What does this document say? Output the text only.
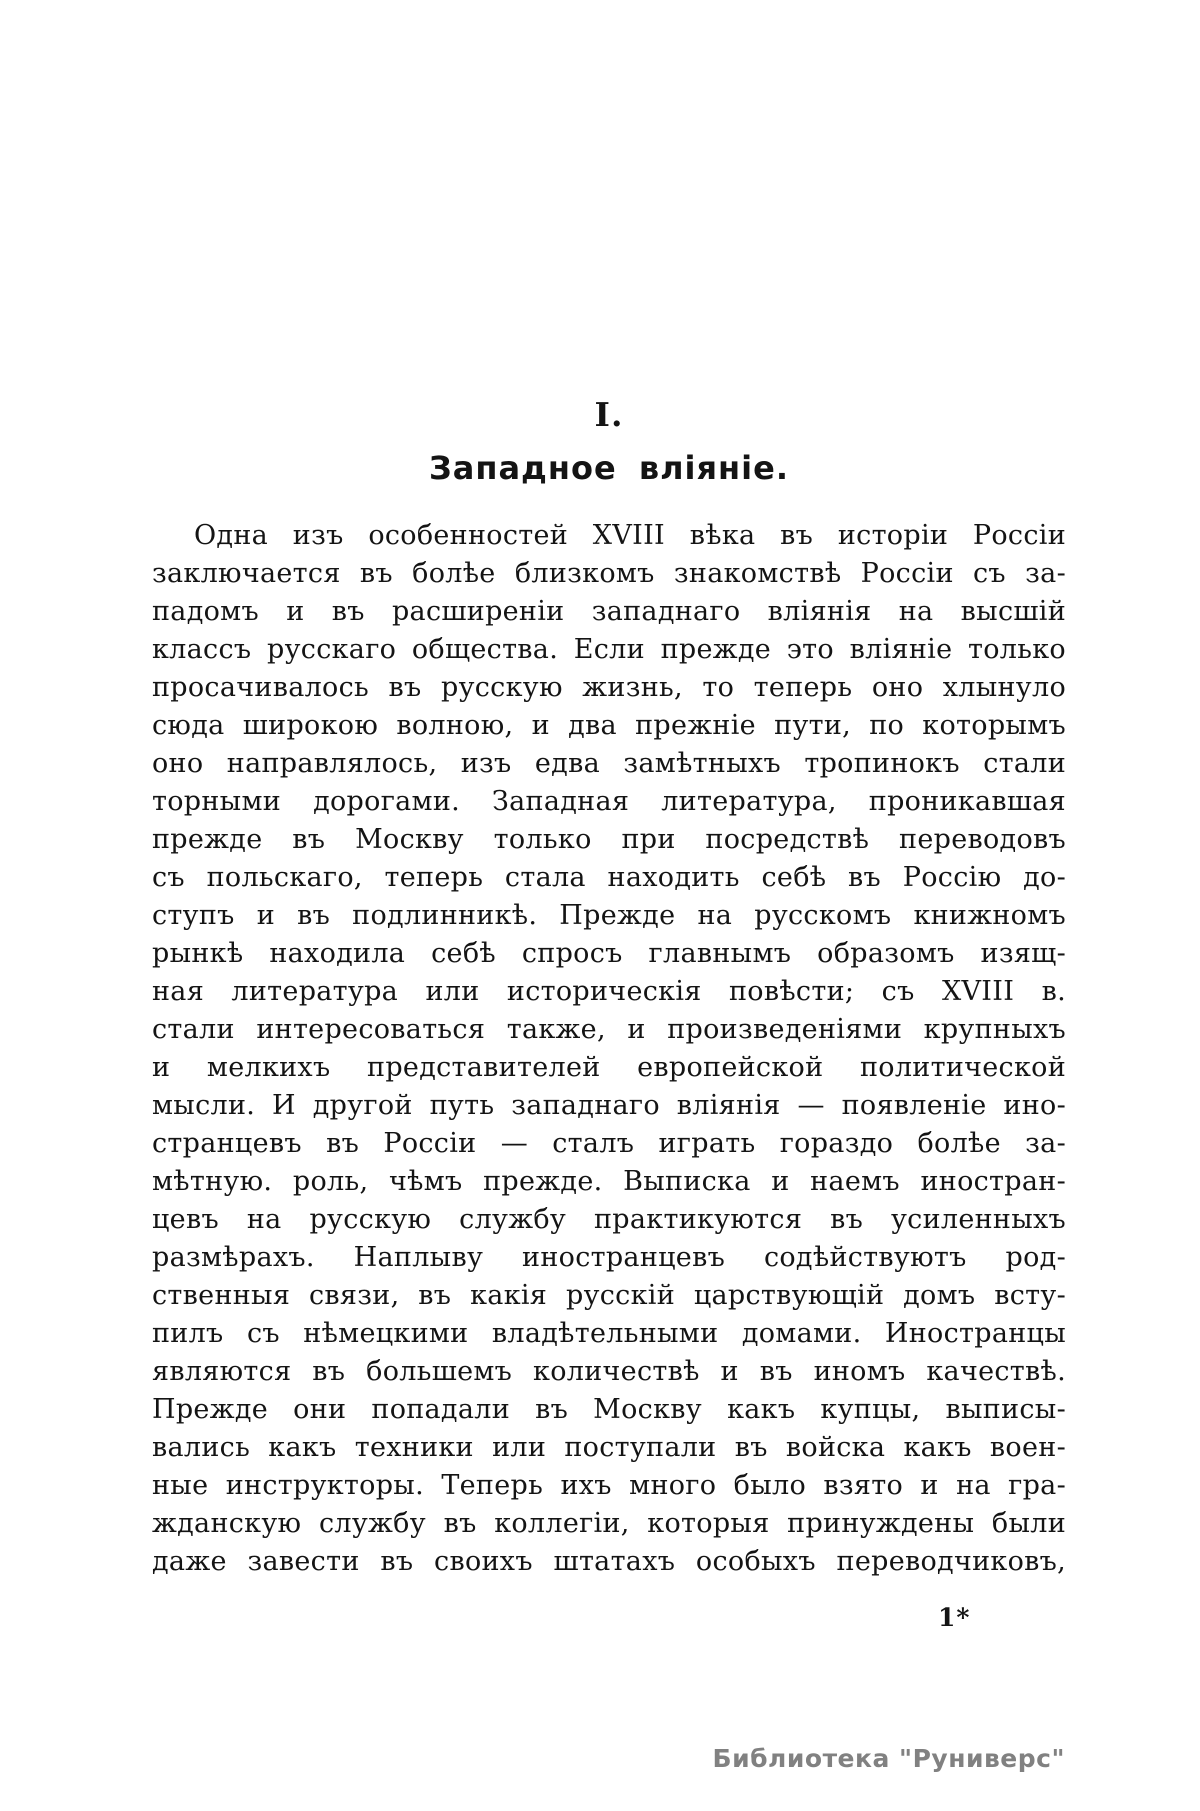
I.
Западное вліяніе.
Одна изъ особенностей XVIII вѣка въ исторіи Россіи
заключается въ болѣе близкомъ знакомствѣ Россіи съ за-
падомъ и въ расширеніи западнаго вліянія на высшій
классъ русскаго общества. Если прежде это вліяніе только
просачивалось въ русскую жизнь, то теперь оно хлынуло
сюда широкою волною, и два прежніе пути, по которымъ
оно направлялось, изъ едва замѣтныхъ тропинокъ стали
торными дорогами. Западная литература, проникавшая
прежде въ Москву только при посредствѣ переводовъ
съ польскаго, теперь стала находить себѣ въ Россію до-
ступъ и въ подлинникѣ. Прежде на русскомъ книжномъ
рынкѣ находила себѣ спросъ главнымъ образомъ изящ-
ная литература или историческія повѣсти; съ XVIII в.
стали интересоваться также, и произведеніями крупныхъ
и мелкихъ представителей европейской политической
мысли. И другой путь западнаго вліянія — появленіе ино-
странцевъ въ Россіи — сталъ играть гораздо болѣе за-
мѣтную. роль, чѣмъ прежде. Выписка и наемъ иностран-
цевъ на русскую службу практикуются въ усиленныхъ
размѣрахъ. Наплыву иностранцевъ содѣйствуютъ род-
ственныя связи, въ какія русскій царствующій домъ всту-
пилъ съ нѣмецкими владѣтельными домами. Иностранцы
являются въ большемъ количествѣ и въ иномъ качествѣ.
Прежде они попадали въ Москву какъ купцы, выписы-
вались какъ техники или поступали въ войска какъ воен-
ные инструкторы. Теперь ихъ много было взято и на гра-
жданскую службу въ коллегіи, которыя принуждены были
даже завести въ своихъ штатахъ особыхъ переводчиковъ,
1*
Библиотека "Руниверс"
